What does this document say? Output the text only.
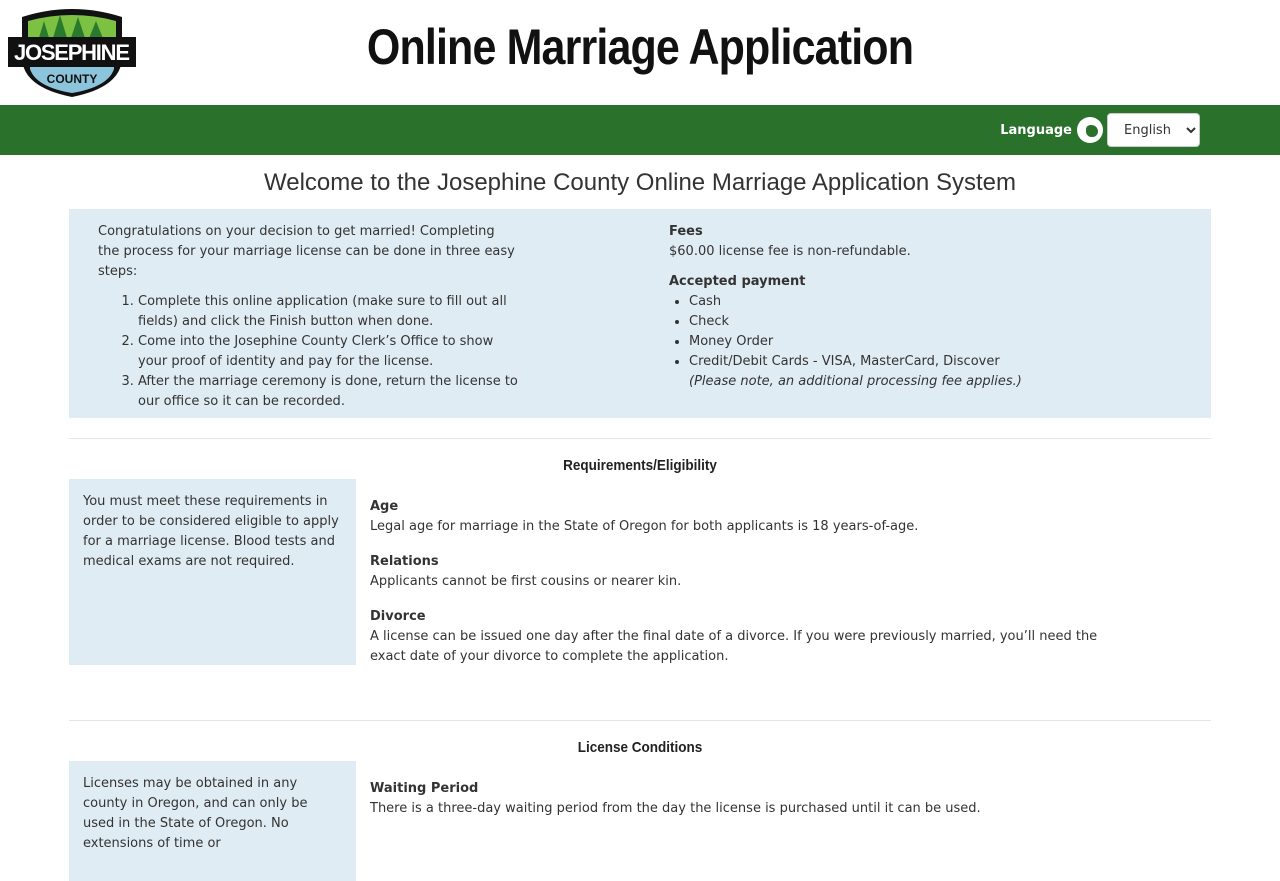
JOSEPHINE
COUNTY
Online Marriage Application
Language
English
Welcome to the Josephine County Online Marriage Application System

Congratulations on your decision to get married! Completing the process for your marriage license can be done in three easy steps:

1. Complete this online application (make sure to fill out all fields) and click the Finish button when done.
2. Come into the Josephine County Clerk’s Office to show your proof of identity and pay for the license.
3. After the marriage ceremony is done, return the license to our office so it can be recorded.
Fees

$60.00 license fee is non-refundable.

Accepted payment
• Cash
• Check
• Money Order
• Credit/Debit Cards - VISA, MasterCard, Discover
(Please note, an additional processing fee applies.)
Requirements/Eligibility
You must meet these requirements in order to be considered eligible to apply for a marriage license. Blood tests and medical exams are not required.
Age
Legal age for marriage in the State of Oregon for both applicants is 18 years-of-age.
Relations
Applicants cannot be first cousins or nearer kin.
Divorce
A license can be issued one day after the final date of a divorce. If you were previously married, you’ll need the exact date of your divorce to complete the application.
License Conditions
Licenses may be obtained in any county in Oregon, and can only be used in the State of Oregon. No extensions of time or
Waiting Period
There is a three-day waiting period from the day the license is purchased until it can be used.
